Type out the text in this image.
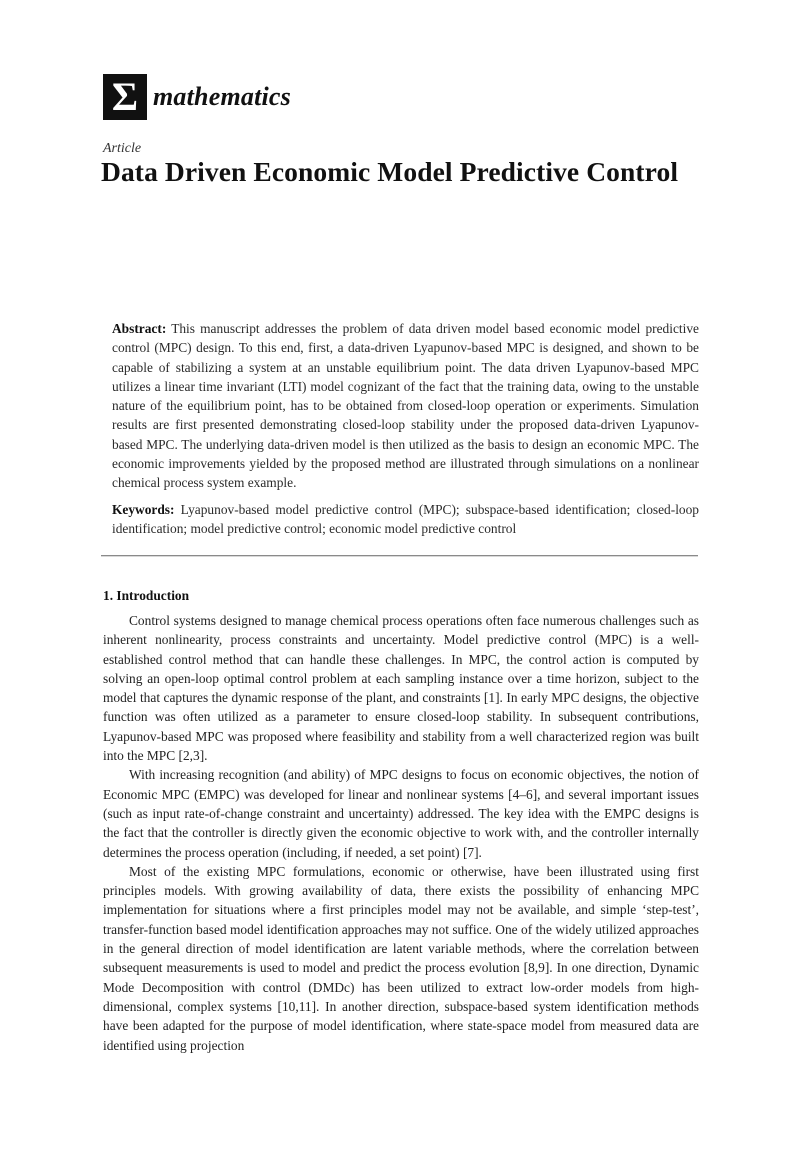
Σ mathematics
Article
Data Driven Economic Model Predictive Control
Abstract: This manuscript addresses the problem of data driven model based economic model predictive control (MPC) design. To this end, first, a data-driven Lyapunov-based MPC is designed, and shown to be capable of stabilizing a system at an unstable equilibrium point. The data driven Lyapunov-based MPC utilizes a linear time invariant (LTI) model cognizant of the fact that the training data, owing to the unstable nature of the equilibrium point, has to be obtained from closed-loop operation or experiments. Simulation results are first presented demonstrating closed-loop stability under the proposed data-driven Lyapunov-based MPC. The underlying data-driven model is then utilized as the basis to design an economic MPC. The economic improvements yielded by the proposed method are illustrated through simulations on a nonlinear chemical process system example.
Keywords: Lyapunov-based model predictive control (MPC); subspace-based identification; closed-loop identification; model predictive control; economic model predictive control
1. Introduction

Control systems designed to manage chemical process operations often face numerous challenges such as inherent nonlinearity, process constraints and uncertainty. Model predictive control (MPC) is a well-established control method that can handle these challenges. In MPC, the control action is computed by solving an open-loop optimal control problem at each sampling instance over a time horizon, subject to the model that captures the dynamic response of the plant, and constraints [1]. In early MPC designs, the objective function was often utilized as a parameter to ensure closed-loop stability. In subsequent contributions, Lyapunov-based MPC was proposed where feasibility and stability from a well characterized region was built into the MPC [2,3].

With increasing recognition (and ability) of MPC designs to focus on economic objectives, the notion of Economic MPC (EMPC) was developed for linear and nonlinear systems [4–6], and several important issues (such as input rate-of-change constraint and uncertainty) addressed. The key idea with the EMPC designs is the fact that the controller is directly given the economic objective to work with, and the controller internally determines the process operation (including, if needed, a set point) [7].

Most of the existing MPC formulations, economic or otherwise, have been illustrated using first principles models. With growing availability of data, there exists the possibility of enhancing MPC implementation for situations where a first principles model may not be available, and simple ‘step-test’, transfer-function based model identification approaches may not suffice. One of the widely utilized approaches in the general direction of model identification are latent variable methods, where the correlation between subsequent measurements is used to model and predict the process evolution [8,9]. In one direction, Dynamic Mode Decomposition with control (DMDc) has been utilized to extract low-order models from high-dimensional, complex systems [10,11]. In another direction, subspace-based system identification methods have been adapted for the purpose of model identification, where state-space model from measured data are identified using projection
